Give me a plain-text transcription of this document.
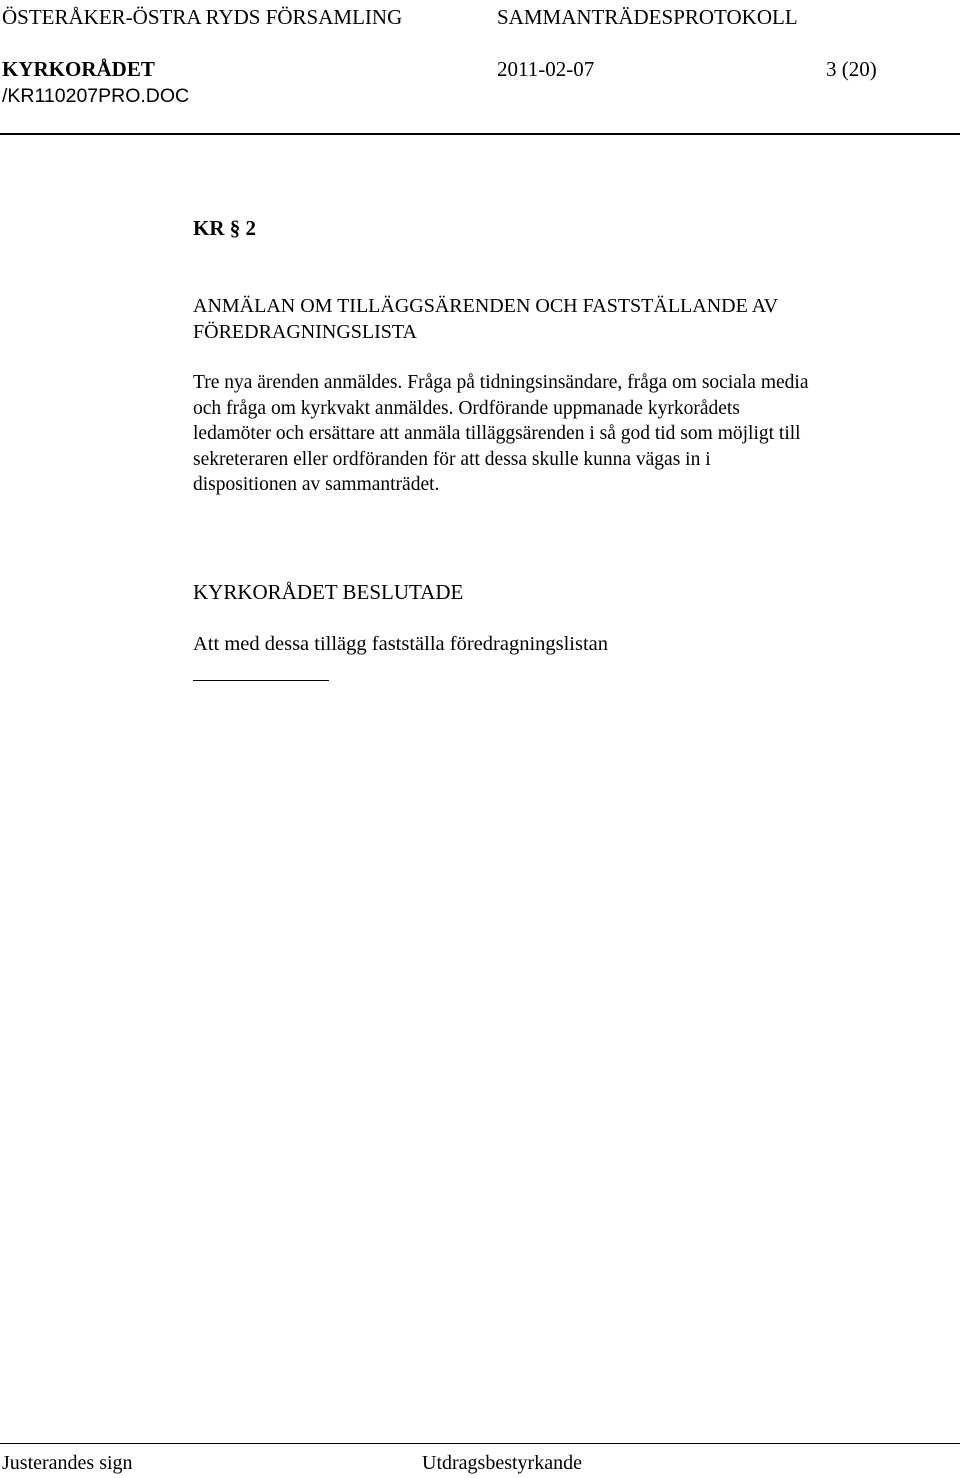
ÖSTERÅKER-ÖSTRA RYDS FÖRSAMLING	SAMMANTRÄDESPROTOKOLL
KYRKORÅDET	2011-02-07	3 (20)
/KR110207PRO.DOC
KR § 2
ANMÄLAN OM TILLÄGGSÄRENDEN OCH FASTSTÄLLANDE AV
FÖREDRAGNINGSLISTA
Tre nya ärenden anmäldes. Fråga på tidningsinsändare, fråga om sociala media
och fråga om kyrkvakt anmäldes. Ordförande uppmanade kyrkorådets
ledamöter och ersättare att anmäla tilläggsärenden i så god tid som möjligt till
sekreteraren eller ordföranden för att dessa skulle kunna vägas in i
dispositionen av sammanträdet.
KYRKORÅDET BESLUTADE
Att med dessa tillägg fastställa föredragningslistan
Justerandes sign	Utdragsbestyrkande
